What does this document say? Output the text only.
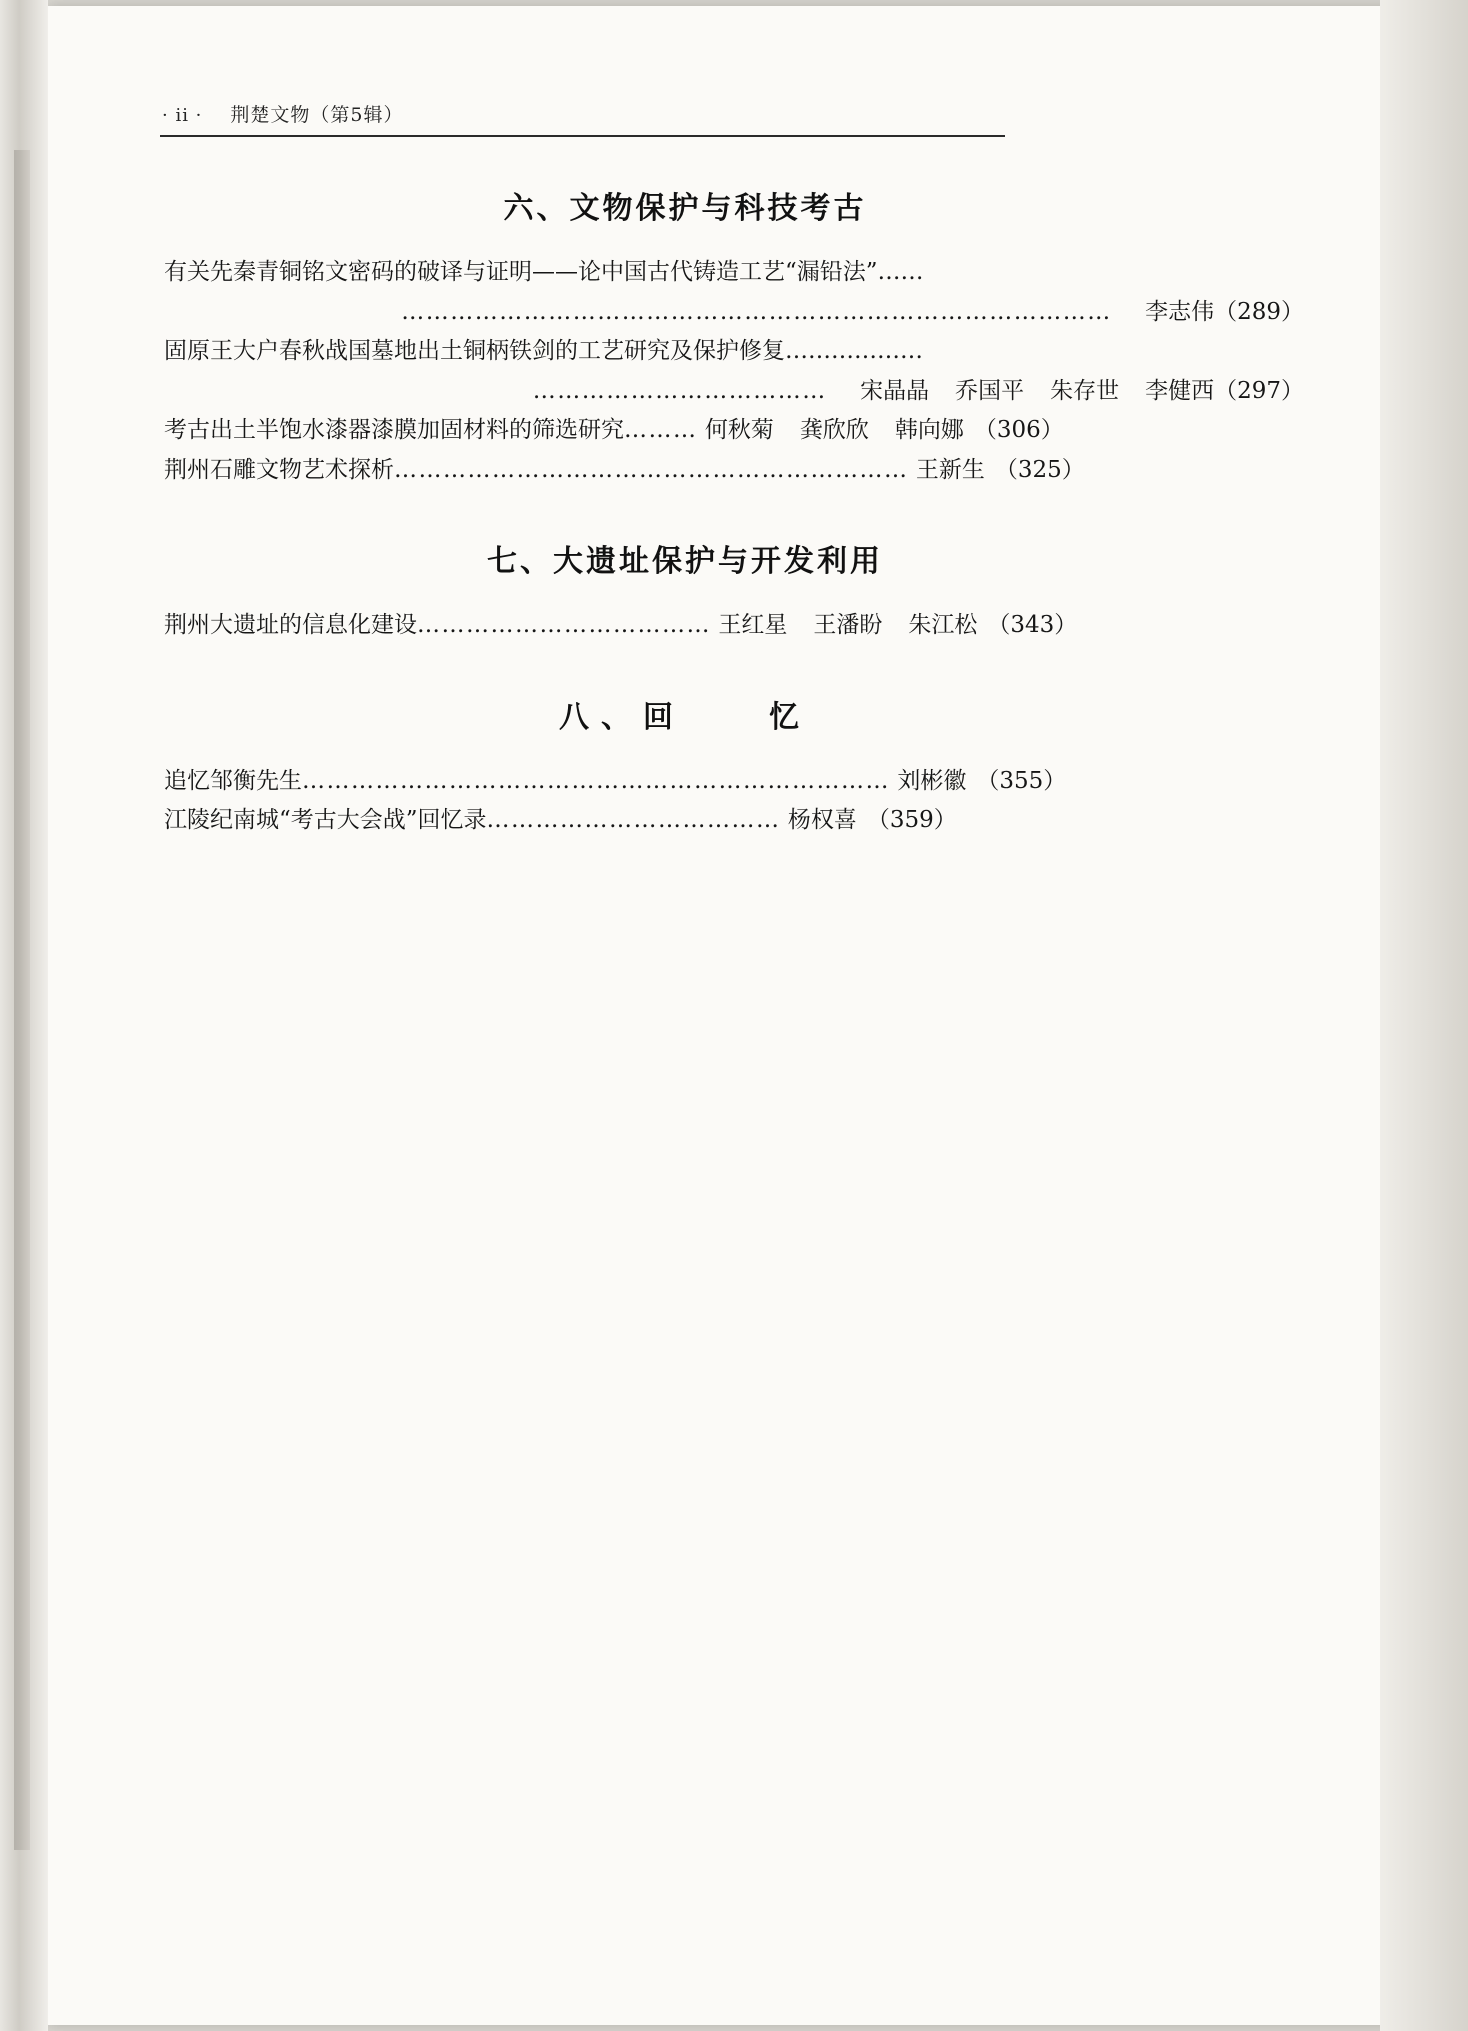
· ii · 荆楚文物（第5辑）
六、文物保护与科技考古
有关先秦青铜铭文密码的破译与证明——论中国古代铸造工艺“漏铅法”……
…………………………………………………………………………… 李志伟（289）
固原王大户春秋战国墓地出土铜柄铁剑的工艺研究及保护修复………………
……………………………… 宋晶晶 乔国平 朱存世 李健西（297）
考古出土半饱水漆器漆膜加固材料的筛选研究……… 何秋菊 龚欣欣 韩向娜 （306）
荆州石雕文物艺术探析……………………………………………………… 王新生 （325）
七、大遗址保护与开发利用
荆州大遗址的信息化建设……………………………… 王红星 王潘盼 朱江松 （343）
八、回　　忆
追忆邹衡先生……………………………………………………………… 刘彬徽 （355）
江陵纪南城“考古大会战”回忆录……………………………… 杨权喜 （359）
